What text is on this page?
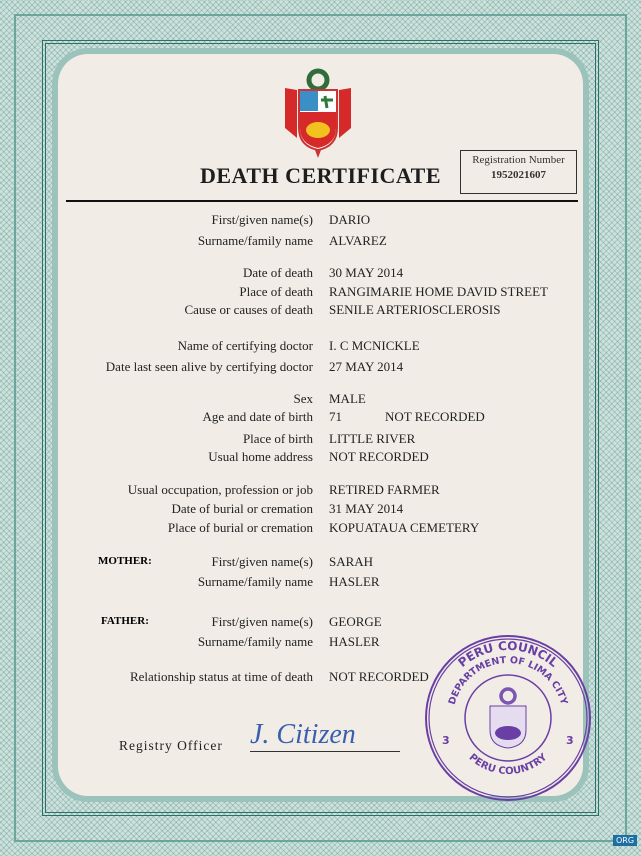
DEATH CERTIFICATE
Registration Number
1952021607
First/given name(s) DARIO
Surname/family name ALVAREZ
Date of death 30 MAY 2014
Place of death RANGIMARIE HOME DAVID STREET
Cause or causes of death SENILE ARTERIOSCLEROSIS
Name of certifying doctor I. C MCNICKLE
Date last seen alive by certifying doctor 27 MAY 2014
Sex MALE
Age and date of birth 71	NOT RECORDED
Place of birth LITTLE RIVER
Usual home address NOT RECORDED
Usual occupation, profession or job RETIRED FARMER
Date of burial or cremation 31 MAY 2014
Place of burial or cremation KOPUATAUA CEMETERY
First/given name(s) SARAH
Surname/family name HASLER
First/given name(s) GEORGE
Surname/family name HASLER
Relationship status at time of death NOT RECORDED
MOTHER:
FATHER:
Registry Officer J. Citizen
PERU COUNCIL
DEPARTMENT OF LIMA CITY
PERU COUNTRY
3	3
ORG
